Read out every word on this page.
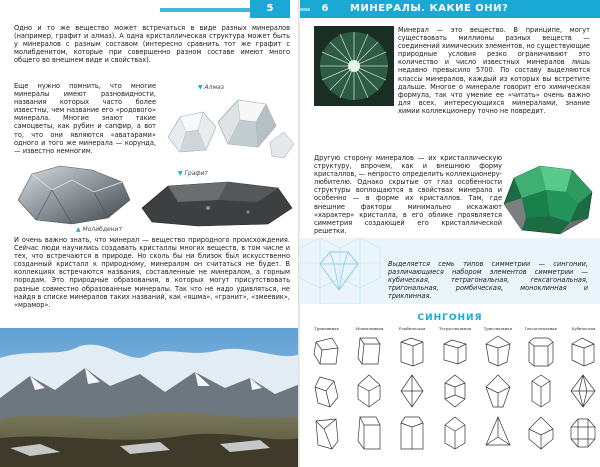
5

Одно и то же вещество может встречаться в виде разных минералов (например, графит и алмаз). А одна кристаллическая структура может быть у минералов с разным составом (интересно сравнить тот же графит с молибденитом, которые при совершенно разном составе имеют много общего во внешнем виде и свойствах).

Еще нужно помнить, что многие минералы имеют разновидности, названия которых часто более известны, чем название его «родового» минерала. Многие знают такие самоцветы, как рубин и сапфир, а вот то, что они являются «аватарами» одного и того же минерала — корунда, — известно немногим.

▼ Алмаз
▼ Графит
▲ Молибденит

И очень важно знать, что минерал — вещество природного происхождения. Сейчас люди научились создавать кристаллы многих веществ, в том числе и тех, что встречаются в природе. Но сколь бы ни близок был искусственно созданный кристалл к природному, минералом он считаться не будет. В коллекциях встречаются названия, составленные не минералом, а горным породам. Это природные образования, в которых могут присутствовать разные совместно образованные минералы. Так что не надо удивляться, не найдя в списке минералов таких названий, как «яшма», «гранит», «змеевик», «мрамор».

6	МИНЕРАЛЫ. КАКИЕ ОНИ?

Минерал — это вещество. В принципе, могут существовать миллионы разных веществ — соединений химических элементов, но существующие природные условия резко ограничивают это количество и число известных минералов лишь недавно превысило 5700. По составу выделяются классы минералов, каждый из которых вы встретите дальше. Многое о минерале говорит его химическая формула, так что умение ее «читать» очень важно для всех, интересующихся минералами, знание химии коллекционеру точно не повредит.

Другую сторону минералов — их кристаллическую структуру, впрочем, как и внешнюю форму кристаллов, — непросто определить коллекционеру-любителю. Однако скрытые от глаз особенности структуры воплощаются в свойствах минерала и особенно — в форме их кристаллов. Там, где внешние факторы минимально искажают «характер» кристалла, в его облике проявляется симметрия создающей его кристаллической решетки.

Выделяется семь типов симметрии — сингонии, различающиеся набором элементов симметрии — кубическая, тетрагональная, гексагональная, тригональная, ромбическая, моноклинная и триклинная.

СИНГОНИЯ
Триклинная	Моноклинная	Ромбическая	Тетрагональная	Тригональная	Гексагональная	Кубическая
